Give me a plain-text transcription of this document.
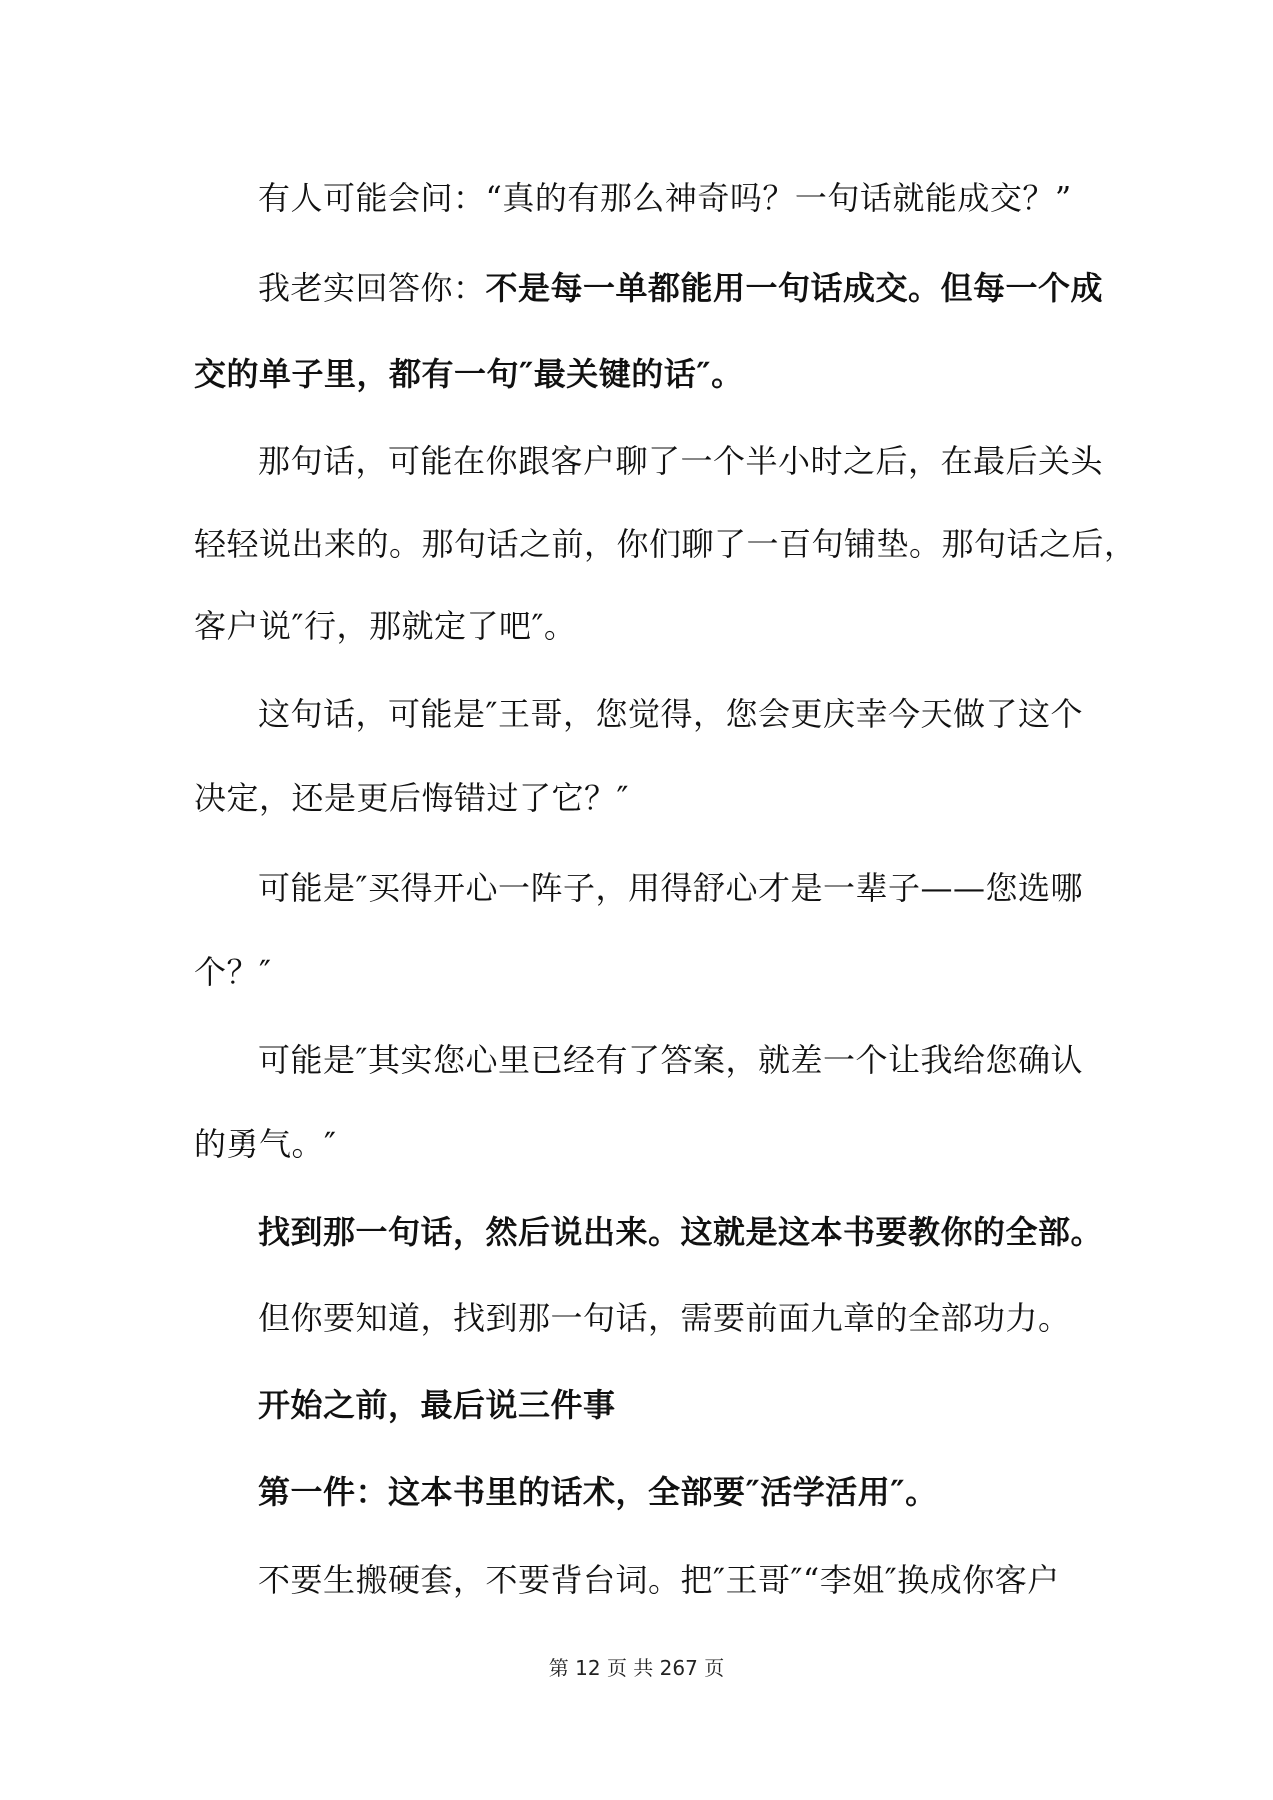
有人可能会问：“真的有那么神奇吗？一句话就能成交？”
我老实回答你：不是每一单都能用一句话成交。但每一个成
交的单子里，都有一句″最关键的话″。
那句话，可能在你跟客户聊了一个半小时之后，在最后关头
轻轻说出来的。那句话之前，你们聊了一百句铺垫。那句话之后，
客户说″行，那就定了吧″。
这句话，可能是″王哥，您觉得，您会更庆幸今天做了这个
决定，还是更后悔错过了它？″
可能是″买得开心一阵子，用得舒心才是一辈子——您选哪
个？″
可能是″其实您心里已经有了答案，就差一个让我给您确认
的勇气。″
找到那一句话，然后说出来。这就是这本书要教你的全部。
但你要知道，找到那一句话，需要前面九章的全部功力。
开始之前，最后说三件事
第一件：这本书里的话术，全部要″活学活用″。
不要生搬硬套，不要背台词。把″王哥″“李姐″换成你客户
第 12 页 共 267 页
